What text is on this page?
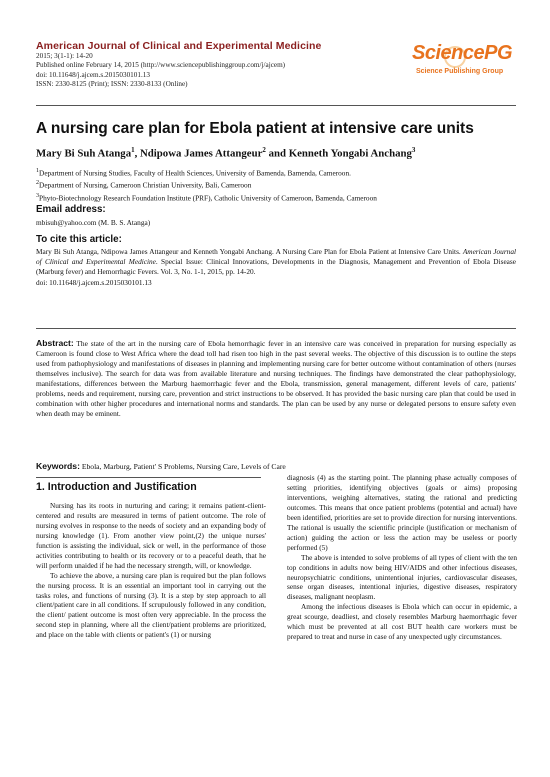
American Journal of Clinical and Experimental Medicine
2015; 3(1-1): 14-20
Published online February 14, 2015 (http://www.sciencepublishinggroup.com/j/ajcem)
doi: 10.11648/j.ajcem.s.2015030101.13
ISSN: 2330-8125 (Print); ISSN: 2330-8133 (Online)
SciencePG
Science Publishing Group
A nursing care plan for Ebola patient at intensive care units
Mary Bi Suh Atanga$^1$, Ndipowa James Attangeur$^2$ and Kenneth Yongabi Anchang$^3$
$^1$Department of Nursing Studies, Faculty of Health Sciences, University of Bamenda, Bamenda, Cameroon.
$^2$Department of Nursing, Cameroon Christian University, Bali, Cameroon
$^3$Phyto-Biotechnology Research Foundation Institute (PRF), Catholic University of Cameroon, Bamenda, Cameroon
Email address:
mbisuh@yahoo.com (M. B. S. Atanga)
To cite this article:
Mary Bi Suh Atanga, Ndipowa James Attangeur and Kenneth Yongabi Anchang. A Nursing Care Plan for Ebola Patient at Intensive Care Units. American Journal of Clinical and Experimental Medicine. Special Issue: Clinical Innovations, Developments in the Diagnosis, Management and Prevention of Ebola Disease (Marburg fever) and Hemorrhagic Fevers. Vol. 3, No. 1-1, 2015, pp. 14-20.
doi: 10.11648/j.ajcem.s.2015030101.13
Abstract: The state of the art in the nursing care of Ebola hemorrhagic fever in an intensive care was conceived in preparation for nursing especially as Cameroon is found close to West Africa where the dead toll had risen too high in the past several weeks. The objective of this discussion is to outline the steps used from pathophysiology and manifestations of diseases in planning and implementing nursing care for better outcome without contamination of others (nurses themselves inclusive). The search for data was from available literature and nursing techniques. The findings have demonstrated the clear pathophysiology, manifestations, differences between the Marburg haemorrhagic fever and the Ebola, transmission, general management, different levels of care, patients' problems, needs and requirement, nursing care, prevention and strict instructions to be observed. It has provided the basic nursing care plan that could be used in combination with other higher procedures and international norms and standards. The plan can be used by any nurse or delegated persons to ensure safety even when death may be eminent.
Keywords: Ebola, Marburg, Patient' S Problems, Nursing Care, Levels of Care
1. Introduction and Justification

Nursing has its roots in nurturing and caring; it remains patient-client-centered and results are measured in terms of patient outcome. The role of nursing evolves in response to the needs of society and an expanding body of nursing knowledge (1). From another view point,(2) the unique nurses' function is assisting the individual, sick or well, in the performance of those activities contributing to health or its recovery or to a peaceful death, that he will perform unaided if he had the necessary strength, will, or knowledge.

To achieve the above, a nursing care plan is required but the plan follows the nursing process. It is an essential an important tool in carrying out the tasks roles, and functions of nursing (3). It is a step by step approach to all client/patient care in all conditions. If scrupulously followed in any condition, the client/ patient outcome is most often very appreciable. In the process the second step in planning, where all the client/patient problems are prioritized, and place on the table with clients or patient's (1) or nursing

diagnosis (4) as the starting point. The planning phase actually composes of setting priorities, identifying objectives (goals or aims) proposing interventions, weighing alternatives, stating the rational and predicting outcomes. This means that once patient problems (potential and actual) have been identified, priorities are set to provide direction for nursing interventions. The rational is usually the scientific principle (justification or mechanism of action) guiding the action or less the action may be useless or poorly performed (5)

The above is intended to solve problems of all types of client with the ten top conditions in adults now being HIV/AIDS and other infectious diseases, neuropsychiatric conditions, unintentional injuries, cardiovascular diseases, sense organ diseases, intentional injuries, digestive diseases, respiratory diseases, malignant neoplasm.

Among the infectious diseases is Ebola which can occur in epidemic, a great scourge, deadliest, and closely resembles Marburg haemorrhagic fever which must be prevented at all cost BUT health care workers must be prepared to treat and nurse in case of any unexpected ugly circumstances.
